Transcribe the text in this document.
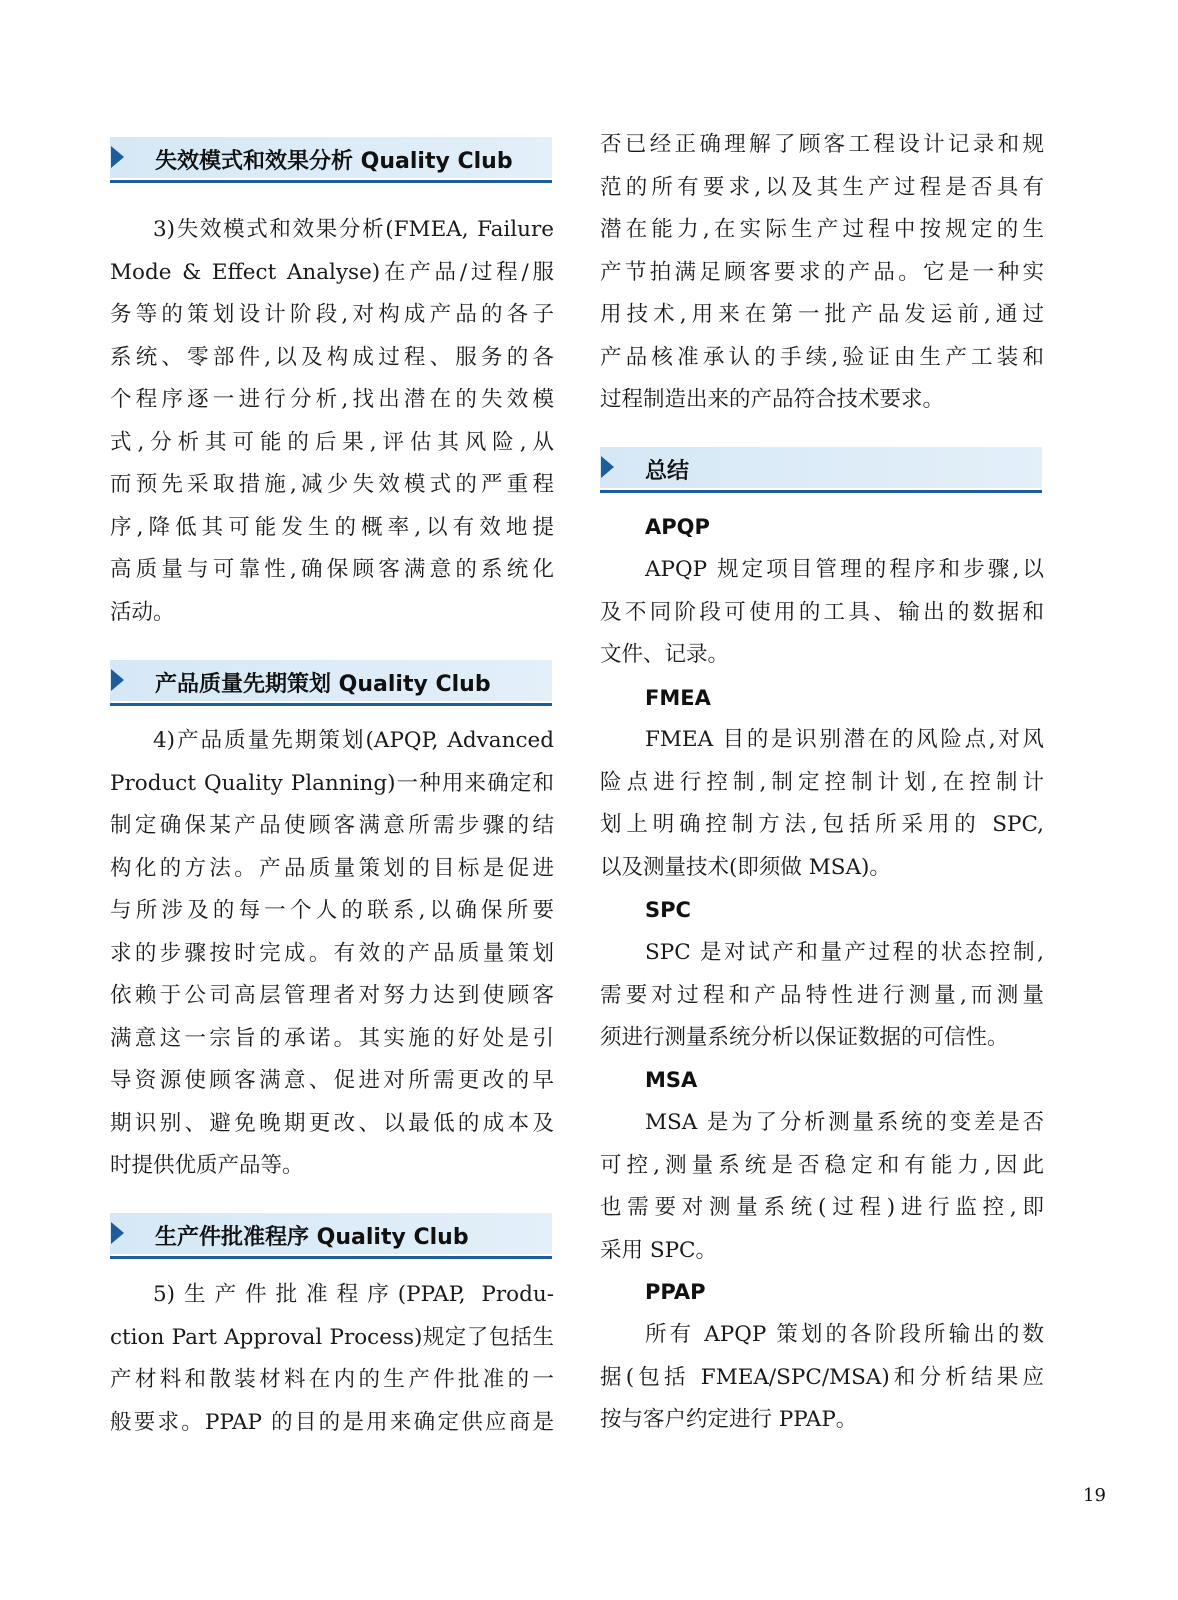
失效模式和效果分析 Quality Club
3)失效模式和效果分析(FMEA, Failure
Mode & Effect Analyse)在产品/过程/服
务等的策划设计阶段,对构成产品的各子
系统、零部件,以及构成过程、服务的各
个程序逐一进行分析,找出潜在的失效模
式,分析其可能的后果,评估其风险,从
而预先采取措施,减少失效模式的严重程
序,降低其可能发生的概率,以有效地提
高质量与可靠性,确保顾客满意的系统化
活动。
产品质量先期策划 Quality Club
4)产品质量先期策划(APQP, Advanced
Product Quality Planning)一种用来确定和
制定确保某产品使顾客满意所需步骤的结
构化的方法。产品质量策划的目标是促进
与所涉及的每一个人的联系,以确保所要
求的步骤按时完成。有效的产品质量策划
依赖于公司高层管理者对努力达到使顾客
满意这一宗旨的承诺。其实施的好处是引
导资源使顾客满意、促进对所需更改的早
期识别、避免晚期更改、以最低的成本及
时提供优质产品等。
生产件批准程序 Quality Club
5)生产件批准程序(PPAP, Produ-
ction Part Approval Process)规定了包括生
产材料和散装材料在内的生产件批准的一
般要求。PPAP 的目的是用来确定供应商是
否已经正确理解了顾客工程设计记录和规
范的所有要求,以及其生产过程是否具有
潜在能力,在实际生产过程中按规定的生
产节拍满足顾客要求的产品。它是一种实
用技术,用来在第一批产品发运前,通过
产品核准承认的手续,验证由生产工装和
过程制造出来的产品符合技术要求。
总结
APQP
APQP 规定项目管理的程序和步骤,以
及不同阶段可使用的工具、输出的数据和
文件、记录。
FMEA
FMEA 目的是识别潜在的风险点,对风
险点进行控制,制定控制计划,在控制计
划上明确控制方法,包括所采用的 SPC,
以及测量技术(即须做 MSA)。
SPC
SPC 是对试产和量产过程的状态控制,
需要对过程和产品特性进行测量,而测量
须进行测量系统分析以保证数据的可信性。
MSA
MSA 是为了分析测量系统的变差是否
可控,测量系统是否稳定和有能力,因此
也需要对测量系统(过程)进行监控,即
采用 SPC。
PPAP
所有 APQP 策划的各阶段所输出的数
据(包括 FMEA/SPC/MSA)和分析结果应
按与客户约定进行 PPAP。
19
